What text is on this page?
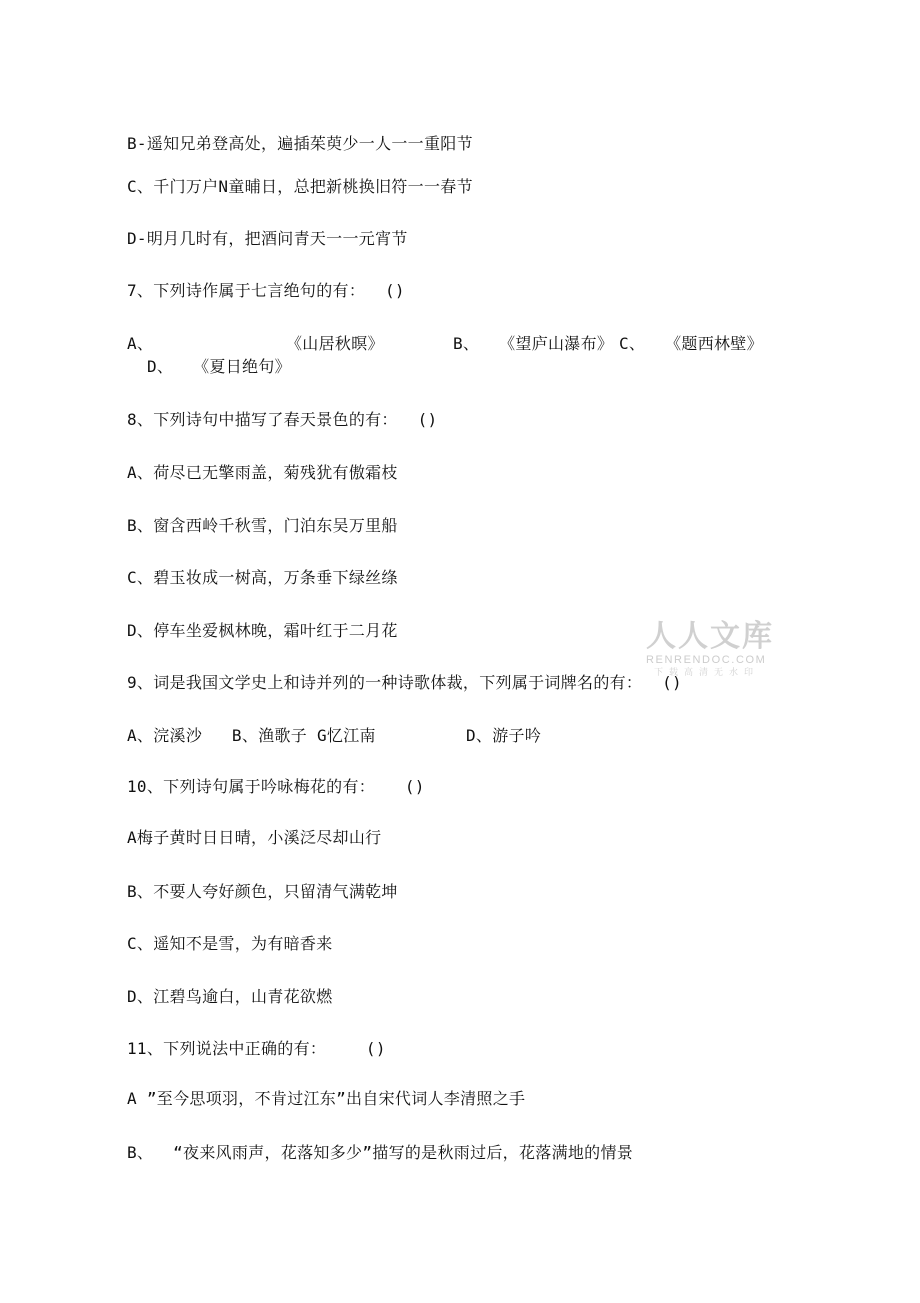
B-遥知兄弟登高处，遍插茱萸少一人一一重阳节
C、千门万户N童晡日，总把新桃换旧符一一春节
D-明月几时有，把酒问青天一一元宵节
7、下列诗作属于七言绝句的有：  ()
A、	《山居秋暝》	B、  《望庐山瀑布》 C、  《题西林壁》
D、  《夏日绝句》
8、下列诗句中描写了春天景色的有：  ()
A、荷尽已无擎雨盖，菊残犹有傲霜枝
B、窗含西岭千秋雪，门泊东吴万里船
C、碧玉妆成一树高，万条垂下绿丝绦
D、停车坐爱枫林晚，霜叶红于二月花	人人文库
RENRENDOC.COM
下载高清无水印
9、词是我国文学史上和诗并列的一种诗歌体裁，下列属于词牌名的有：  ()
A、浣溪沙   B、渔歌子 G忆江南	D、游子吟
10、下列诗句属于吟咏梅花的有：   ()
A梅子黄时日日晴，小溪泛尽却山行
B、不要人夸好颜色，只留清气满乾坤
C、遥知不是雪，为有暗香来
D、江碧鸟逾白，山青花欲燃
11、下列说法中正确的有：    ()
A ”至今思项羽，不肯过江东”出自宋代词人李清照之手
B、  “夜来风雨声，花落知多少”描写的是秋雨过后，花落满地的情景
